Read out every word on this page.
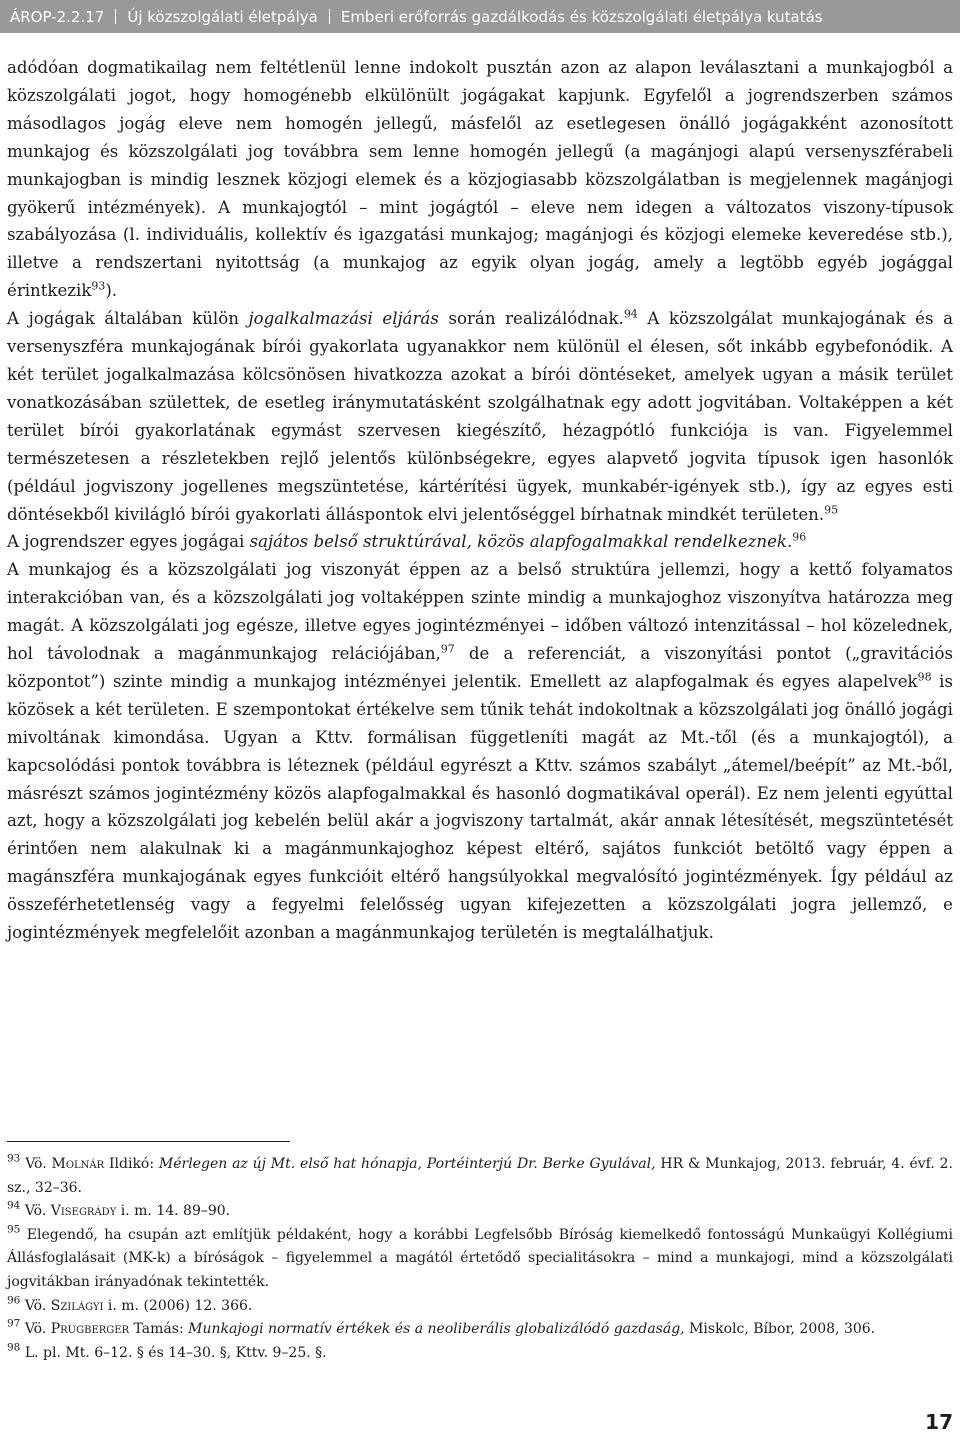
ÁROP-2.2.17 Új közszolgálati életpálya Emberi erőforrás gazdálkodás és közszolgálati életpálya kutatás

adódóan dogmatikailag nem feltétlenül lenne indokolt pusztán azon az alapon leválasztani a munkajogból a közszolgálati jogot, hogy homogénebb elkülönült jogágakat kapjunk. Egyfelől a jogrendszerben számos másodlagos jogág eleve nem homogén jellegű, másfelől az esetlegesen önálló jogágakként azonosított munkajog és közszolgálati jog továbbra sem lenne homogén jellegű (a magánjogi alapú versenyszférabeli munkajogban is mindig lesznek közjogi elemek és a közjogiasabb közszolgálatban is megjelennek magánjogi gyökerű intézmények). A munkajogtól – mint jogágtól – eleve nem idegen a változatos viszony-típusok szabályozása (l. individuális, kollektív és igazgatási munkajog; magánjogi és közjogi elemeke keveredése stb.), illetve a rendszertani nyitottság (a munkajog az egyik olyan jogág, amely a legtöbb egyéb jogággal érintkezik$^{93}$).

A jogágak általában külön jogalkalmazási eljárás során realizálódnak.$^{94}$ A közszolgálat munkajogának és a versenyszféra munkajogának bírói gyakorlata ugyanakkor nem különül el élesen, sőt inkább egybefonódik. A két terület jogalkalmazása kölcsönösen hivatkozza azokat a bírói döntéseket, amelyek ugyan a másik terület vonatkozásában születtek, de esetleg iránymutatásként szolgálhatnak egy adott jogvitában. Voltaképpen a két terület bírói gyakorlatának egymást szervesen kiegészítő, hézagpótló funkciója is van. Figyelemmel természetesen a részletekben rejlő jelentős különbségekre, egyes alapvető jogvita típusok igen hasonlók (például jogviszony jogellenes megszüntetése, kártérítési ügyek, munkabér-igények stb.), így az egyes esti döntésekből kivilágló bírói gyakorlati álláspontok elvi jelentőséggel bírhatnak mindkét területen.$^{95}$

A jogrendszer egyes jogágai sajátos belső struktúrával, közös alapfogalmakkal rendelkeznek.$^{96}$

A munkajog és a közszolgálati jog viszonyát éppen az a belső struktúra jellemzi, hogy a kettő folyamatos interakcióban van, és a közszolgálati jog voltaképpen szinte mindig a munkajoghoz viszonyítva határozza meg magát. A közszolgálati jog egésze, illetve egyes jogintézményei – időben változó intenzitással – hol közelednek, hol távolodnak a magánmunkajog relációjában,$^{97}$ de a referenciát, a viszonyítási pontot („gravitációs központot”) szinte mindig a munkajog intézményei jelentik. Emellett az alapfogalmak és egyes alapelvek$^{98}$ is közösek a két területen. E szempontokat értékelve sem tűnik tehát indokoltnak a közszolgálati jog önálló jogági mivoltának kimondása. Ugyan a Kttv. formálisan függetleníti magát az Mt.-től (és a munkajogtól), a kapcsolódási pontok továbbra is léteznek (például egyrészt a Kttv. számos szabályt „átemel/beépít” az Mt.-ből, másrészt számos jogintézmény közös alapfogalmakkal és hasonló dogmatikával operál). Ez nem jelenti egyúttal azt, hogy a közszolgálati jog kebelén belül akár a jogviszony tartalmát, akár annak létesítését, megszüntetését érintően nem alakulnak ki a magánmunkajoghoz képest eltérő, sajátos funkciót betöltő vagy éppen a magánszféra munkajogának egyes funkcióit eltérő hangsúlyokkal megvalósító jogintézmények. Így például az összeférhetetlenség vagy a fegyelmi felelősség ugyan kifejezetten a közszolgálati jogra jellemző, e jogintézmények megfelelőit azonban a magánmunkajog területén is megtalálhatjuk.

$^{93}$ Vö. Molnár Ildikó: Mérlegen az új Mt. első hat hónapja, Portéinterjú Dr. Berke Gyulával, HR & Munkajog, 2013. február, 4. évf. 2. sz., 32–36.

$^{94}$ Vö. Visegrády i. m. 14. 89–90.

$^{95}$ Elegendő, ha csupán azt említjük példaként, hogy a korábbi Legfelsőbb Bíróság kiemelkedő fontosságú Munkaügyi Kollégiumi Állásfoglalásait (MK-k) a bíróságok – figyelemmel a magától értetődő specialitásokra – mind a munkajogi, mind a közszolgálati jogvitákban irányadónak tekintették.

$^{96}$ Vö. Szilágyi i. m. (2006) 12. 366.

$^{97}$ Vö. Prugberger Tamás: Munkajogi normatív értékek és a neoliberális globalizálódó gazdaság, Miskolc, Bíbor, 2008, 306.

$^{98}$ L. pl. Mt. 6–12. § és 14–30. §, Kttv. 9–25. §.

17
